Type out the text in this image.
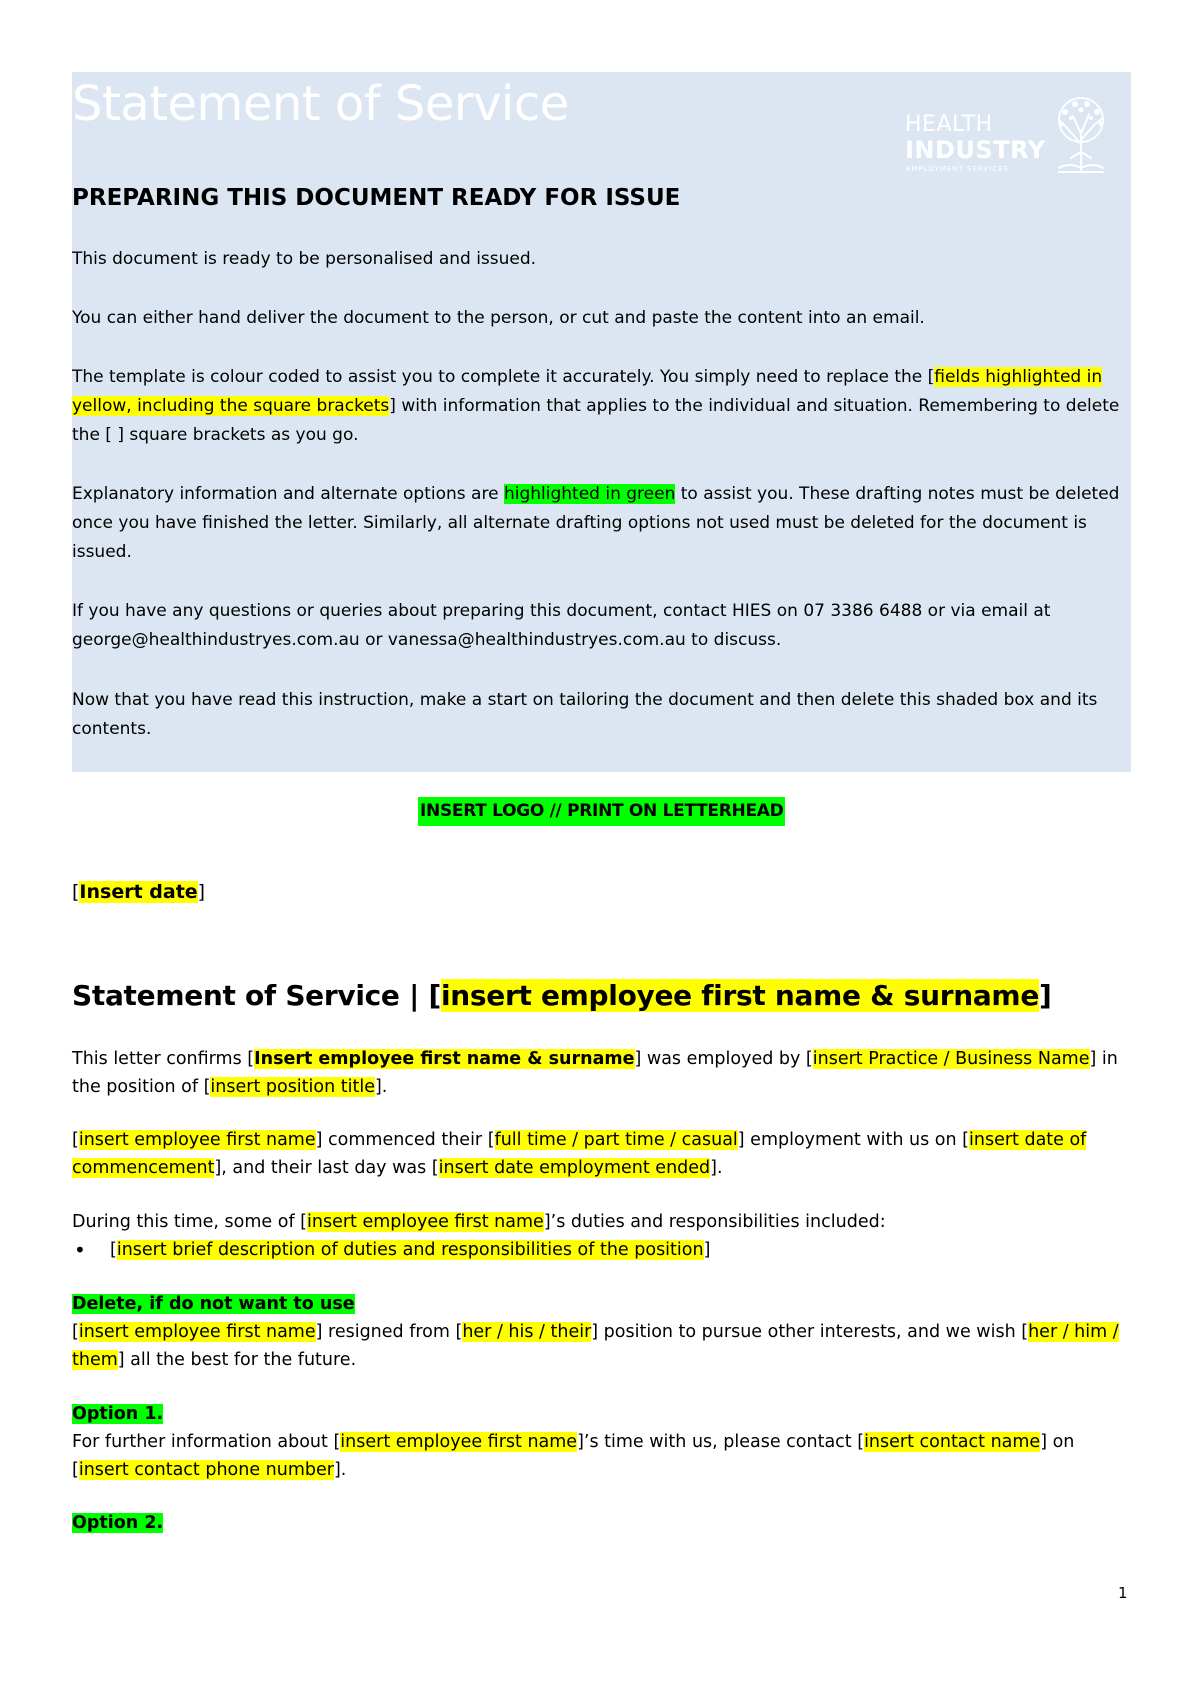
Statement of Service	HEALTH
INDUSTRY
EMPLOYMENT SERVICES
PREPARING THIS DOCUMENT READY FOR ISSUE

This document is ready to be personalised and issued.

You can either hand deliver the document to the person, or cut and paste the content into an email.

The template is colour coded to assist you to complete it accurately. You simply need to replace the [fields highlighted in yellow, including the square brackets] with information that applies to the individual and situation. Remembering to delete the [ ] square brackets as you go.

Explanatory information and alternate options are highlighted in green to assist you. These drafting notes must be deleted once you have finished the letter. Similarly, all alternate drafting options not used must be deleted for the document is issued.

If you have any questions or queries about preparing this document, contact HIES on 07 3386 6488 or via email at george@healthindustryes.com.au or vanessa@healthindustryes.com.au to discuss.

Now that you have read this instruction, make a start on tailoring the document and then delete this shaded box and its contents.

INSERT LOGO // PRINT ON LETTERHEAD
[Insert date]
Statement of Service | [insert employee first name & surname]

This letter confirms [Insert employee first name & surname] was employed by [insert Practice / Business Name] in the position of [insert position title].

[insert employee first name] commenced their [full time / part time / casual] employment with us on [insert date of commencement], and their last day was [insert date employment ended].

During this time, some of [insert employee first name]’s duties and responsibilities included:
• [insert brief description of duties and responsibilities of the position]
Delete, if do not want to use
[insert employee first name] resigned from [her / his / their] position to pursue other interests, and we wish [her / him / them] all the best for the future.
Option 1.
For further information about [insert employee first name]’s time with us, please contact [insert contact name] on [insert contact phone number].
Option 2.
1
